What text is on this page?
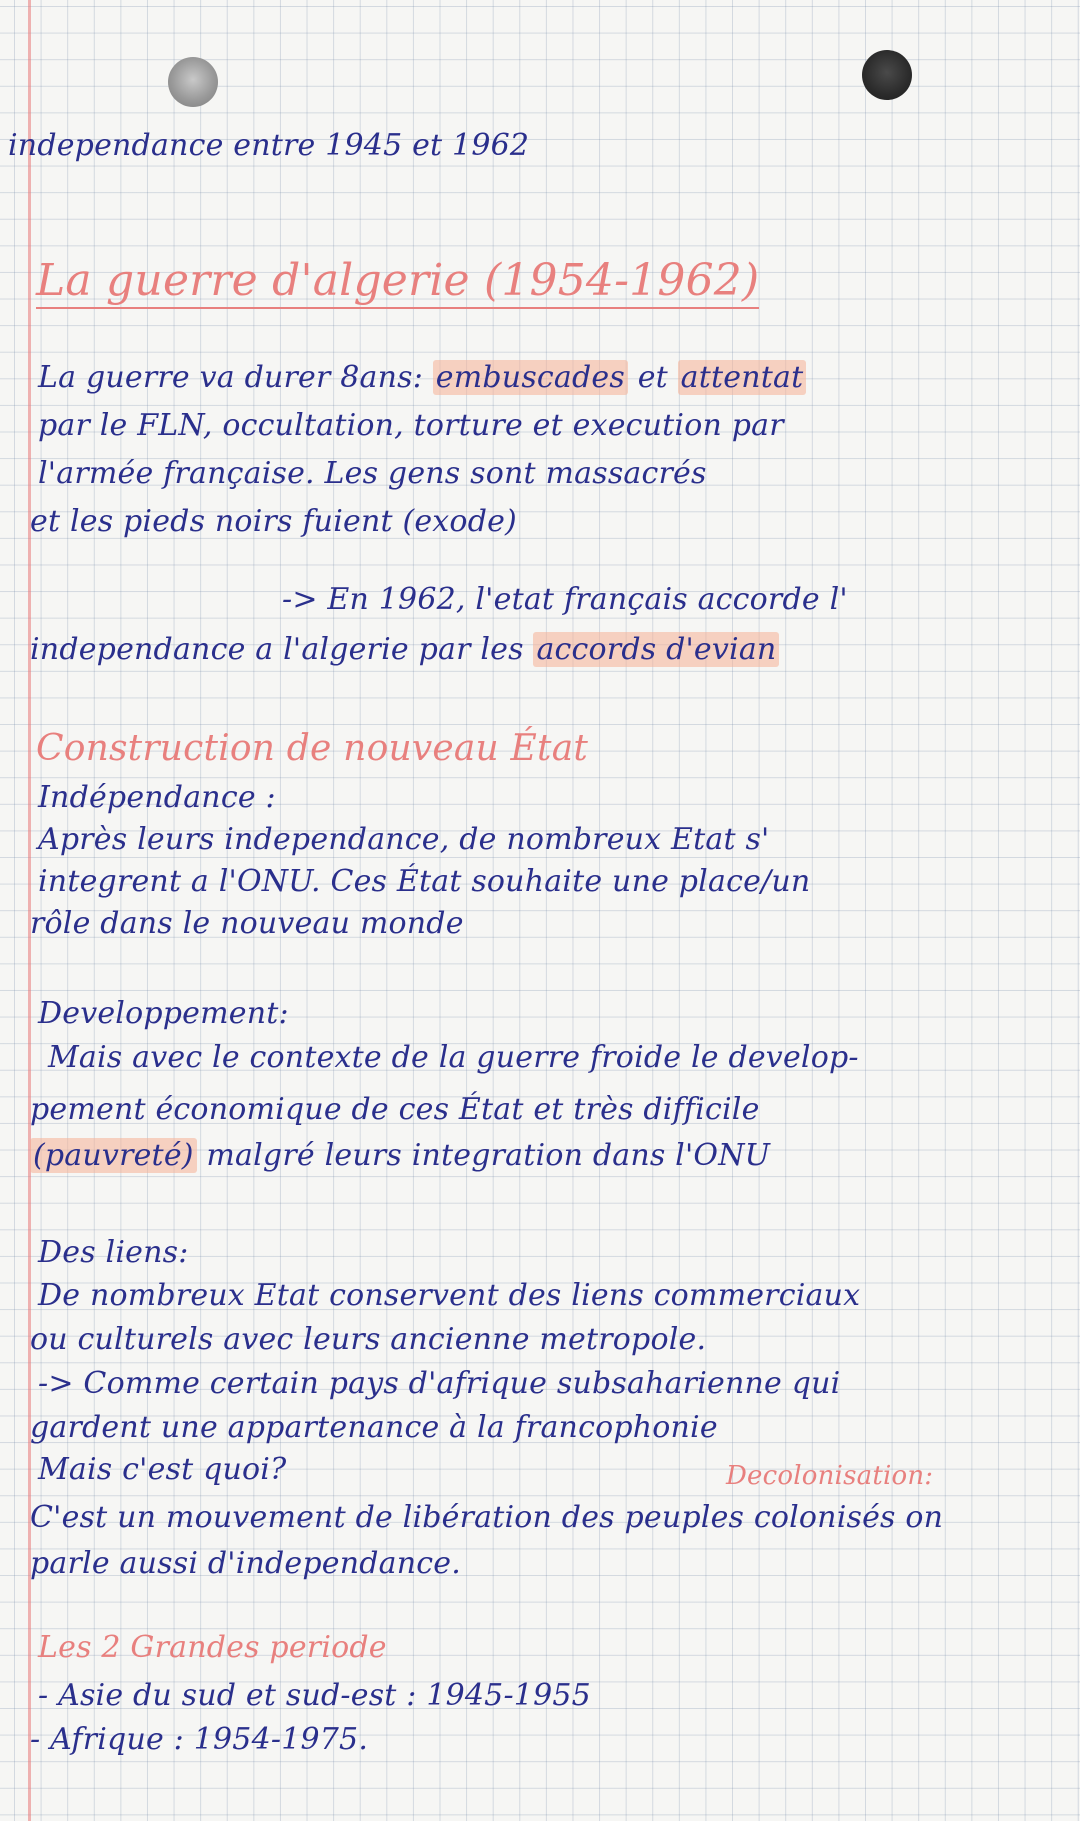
independance entre 1945 et 1962
La guerre d'algerie (1954-1962)
La guerre va durer 8ans: embuscades et attentat
par le FLN, occultation, torture et execution par
l'armée française. Les gens sont massacrés
et les pieds noirs fuient (exode)
-> En 1962, l'etat français accorde l'
independance a l'algerie par les accords d'evian
Construction de nouveau État
Indépendance :
Après leurs independance, de nombreux Etat s'
integrent a l'ONU. Ces État souhaite une place/un
rôle dans le nouveau monde
Developpement:
Mais avec le contexte de la guerre froide le develop-
pement économique de ces État et très difficile
(pauvreté) malgré leurs integration dans l'ONU
Des liens:
De nombreux Etat conservent des liens commerciaux
ou culturels avec leurs ancienne metropole.
-> Comme certain pays d'afrique subsaharienne qui
gardent une appartenance à la francophonie
Mais c'est quoi?	Decolonisation:
C'est un mouvement de libération des peuples colonisés on
parle aussi d'independance.
Les 2 Grandes periode
- Asie du sud et sud-est : 1945-1955
- Afrique : 1954-1975.
